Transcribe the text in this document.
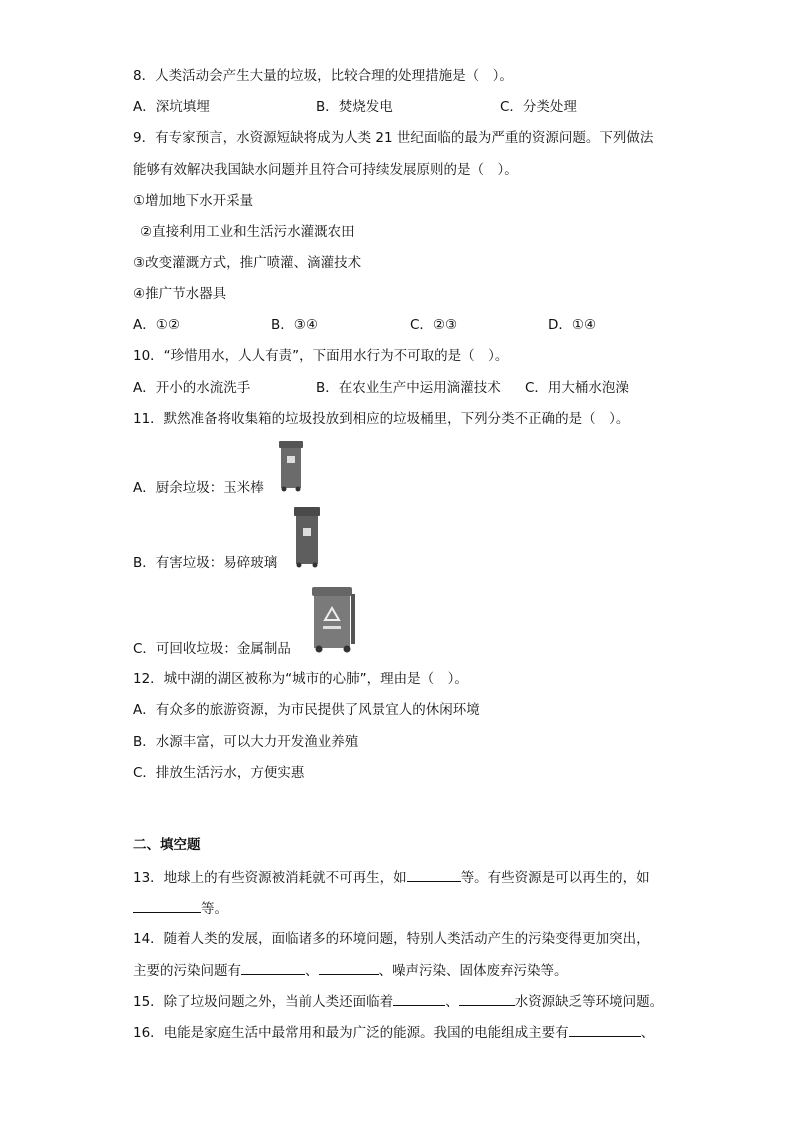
8．人类活动会产生大量的垃圾，比较合理的处理措施是（　）。
A．深坑填埋	B．焚烧发电	C．分类处理
9．有专家预言，水资源短缺将成为人类 21 世纪面临的最为严重的资源问题。下列做法
能够有效解决我国缺水问题并且符合可持续发展原则的是（　）。
①增加地下水开采量
②直接利用工业和生活污水灌溉农田
③改变灌溉方式，推广喷灌、滴灌技术
④推广节水器具
A．①②	B．③④	C．②③	D．①④
10．“珍惜用水，人人有责”，下面用水行为不可取的是（　）。
A．开小的水流洗手	B．在农业生产中运用滴灌技术 C．用大桶水泡澡
11．默然准备将收集箱的垃圾投放到相应的垃圾桶里，下列分类不正确的是（　）。
A．厨余垃圾：玉米棒
B．有害垃圾：易碎玻璃
C．可回收垃圾：金属制品
12．城中湖的湖区被称为“城市的心肺”，理由是（　）。
A．有众多的旅游资源，为市民提供了风景宜人的休闲环境
B．水源丰富，可以大力开发渔业养殖
C．排放生活污水，方便实惠
二、填空题
13．地球上的有些资源被消耗就不可再生，如	等。有些资源是可以再生的，如
等。
14．随着人类的发展，面临诸多的环境问题，特别人类活动产生的污染变得更加突出，
主要的污染问题有	、	、噪声污染、固体废弃污染等。
15．除了垃圾问题之外，当前人类还面临着	、	水资源缺乏等环境问题。
16．电能是家庭生活中最常用和最为广泛的能源。我国的电能组成主要有	、
